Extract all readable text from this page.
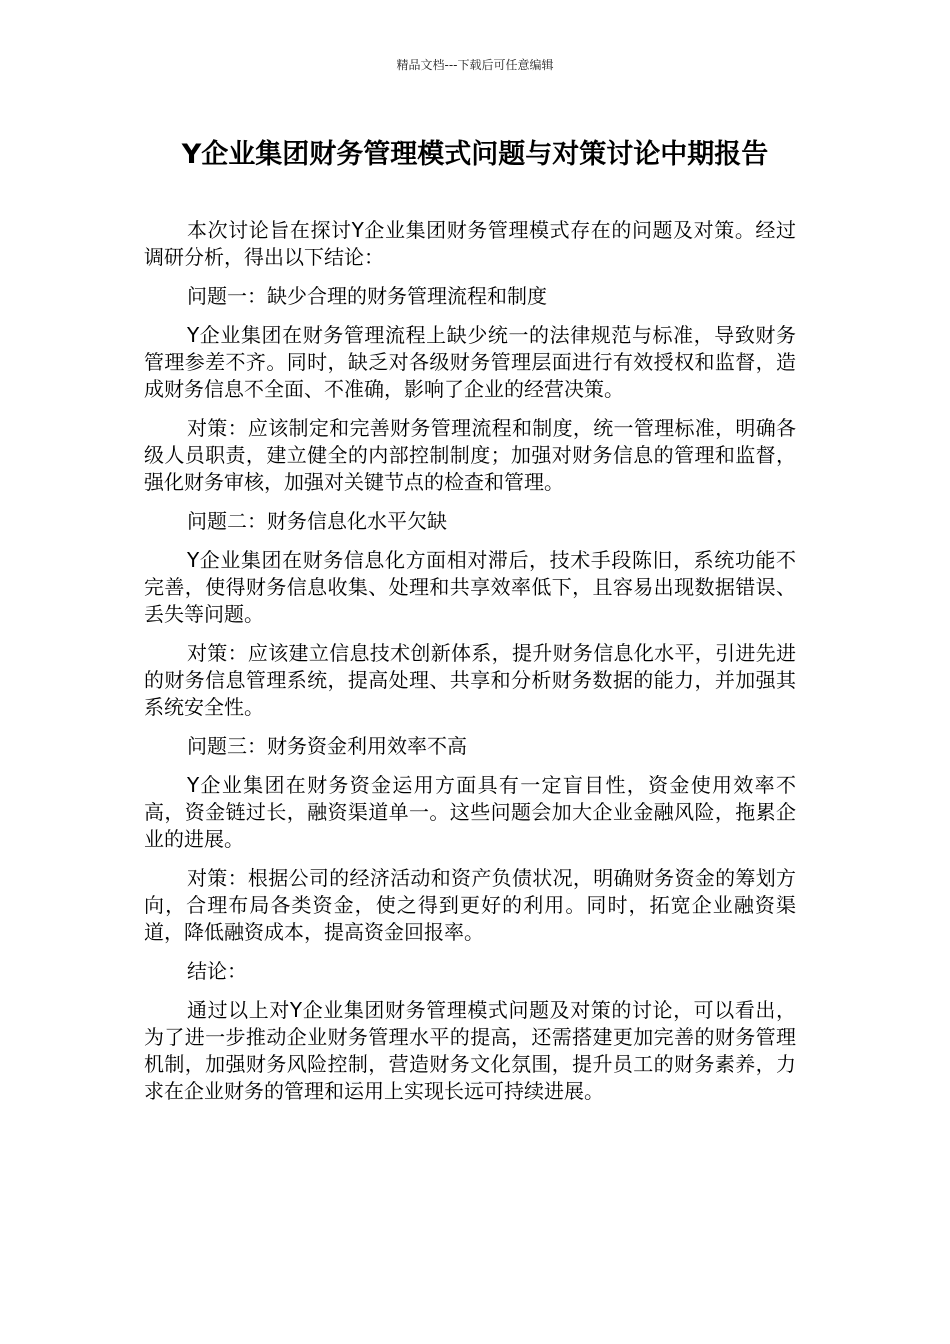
精品文档---下载后可任意编辑
Y企业集团财务管理模式问题与对策讨论中期报告

本次讨论旨在探讨Y企业集团财务管理模式存在的问题及对策。经过调研分析，得出以下结论：

问题一：缺少合理的财务管理流程和制度

Y企业集团在财务管理流程上缺少统一的法律规范与标准，导致财务管理参差不齐。同时，缺乏对各级财务管理层面进行有效授权和监督，造成财务信息不全面、不准确，影响了企业的经营决策。

对策：应该制定和完善财务管理流程和制度，统一管理标准，明确各级人员职责，建立健全的内部控制制度；加强对财务信息的管理和监督，强化财务审核，加强对关键节点的检查和管理。

问题二：财务信息化水平欠缺

Y企业集团在财务信息化方面相对滞后，技术手段陈旧，系统功能不完善，使得财务信息收集、处理和共享效率低下，且容易出现数据错误、丢失等问题。

对策：应该建立信息技术创新体系，提升财务信息化水平，引进先进的财务信息管理系统，提高处理、共享和分析财务数据的能力，并加强其系统安全性。

问题三：财务资金利用效率不高

Y企业集团在财务资金运用方面具有一定盲目性，资金使用效率不高，资金链过长，融资渠道单一。这些问题会加大企业金融风险，拖累企业的进展。

对策：根据公司的经济活动和资产负债状况，明确财务资金的筹划方向，合理布局各类资金，使之得到更好的利用。同时，拓宽企业融资渠道，降低融资成本，提高资金回报率。

结论：

通过以上对Y企业集团财务管理模式问题及对策的讨论，可以看出，为了进一步推动企业财务管理水平的提高，还需搭建更加完善的财务管理机制，加强财务风险控制，营造财务文化氛围，提升员工的财务素养，力求在企业财务的管理和运用上实现长远可持续进展。
